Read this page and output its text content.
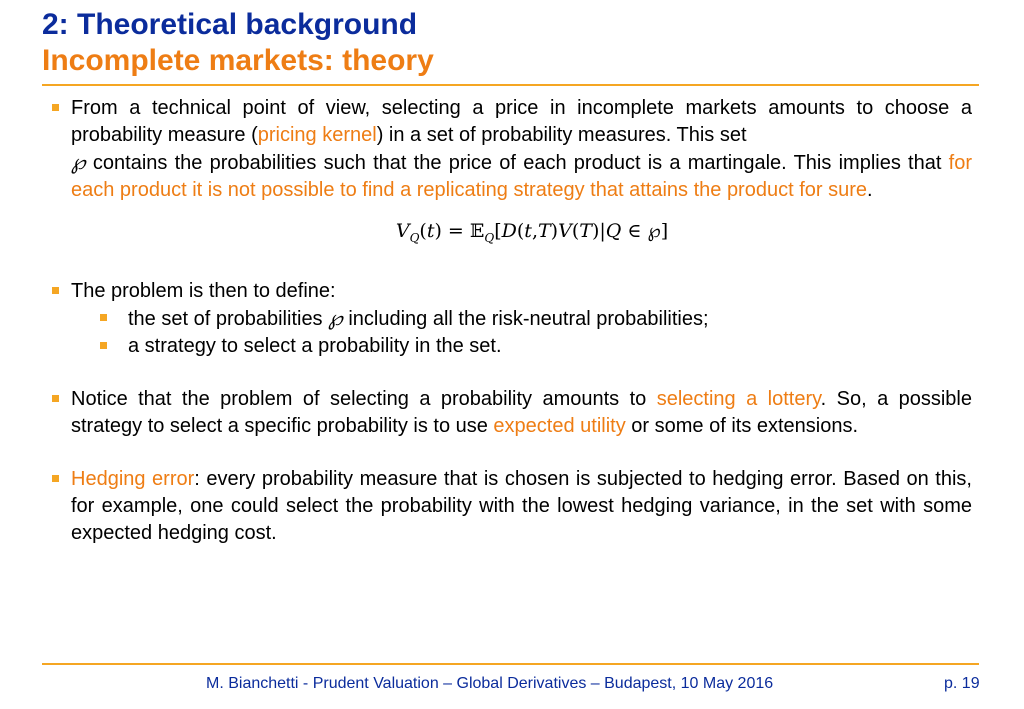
2: Theoretical background
Incomplete markets: theory
From a technical point of view, selecting a price in incomplete markets amounts to choose a probability measure (pricing kernel) in a set of probability measures. This set
℘ contains the probabilities such that the price of each product is a martingale. This implies that for each product it is not possible to find a replicating strategy that attains the product for sure.
$V_Q(t)$ = 𝔼$_Q$[D(t,T)V(T)|Q ∈ ℘]
The problem is then to define:
the set of probabilities ℘ including all the risk-neutral probabilities;
a strategy to select a probability in the set.
Notice that the problem of selecting a probability amounts to selecting a lottery. So, a possible strategy to select a specific probability is to use expected utility or some of its extensions.
Hedging error: every probability measure that is chosen is subjected to hedging error. Based on this, for example, one could select the probability with the lowest hedging variance, in the set with some expected hedging cost.
M. Bianchetti - Prudent Valuation – Global Derivatives – Budapest, 10 May 2016	p. 19
